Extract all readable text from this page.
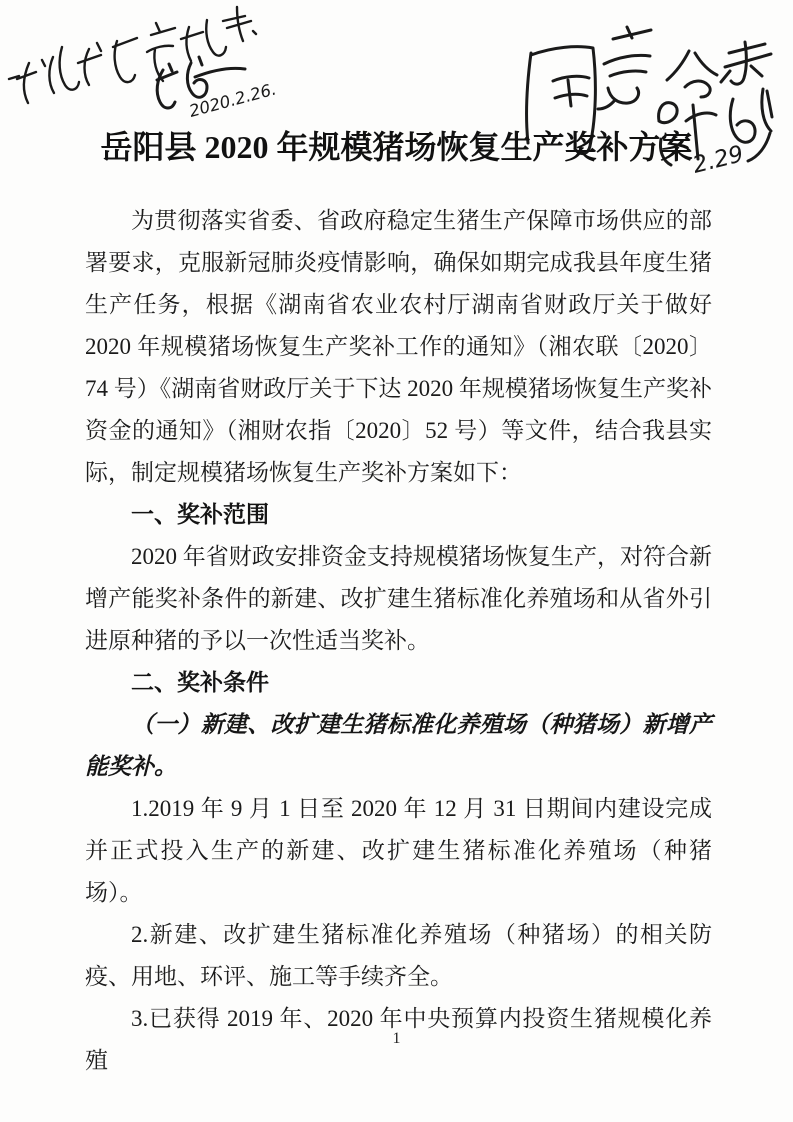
2020.2.26.
2.29
岳阳县 2020 年规模猪场恢复生产奖补方案

为贯彻落实省委、省政府稳定生猪生产保障市场供应的部署要求，克服新冠肺炎疫情影响，确保如期完成我县年度生猪生产任务，根据《湖南省农业农村厅湖南省财政厅关于做好 2020 年规模猪场恢复生产奖补工作的通知》（湘农联〔2020〕74 号）《湖南省财政厅关于下达 2020 年规模猪场恢复生产奖补资金的通知》（湘财农指〔2020〕52 号）等文件，结合我县实际，制定规模猪场恢复生产奖补方案如下：

一、奖补范围

2020 年省财政安排资金支持规模猪场恢复生产，对符合新增产能奖补条件的新建、改扩建生猪标准化养殖场和从省外引进原种猪的予以一次性适当奖补。

二、奖补条件

（一）新建、改扩建生猪标准化养殖场（种猪场）新增产能奖补。

1.2019 年 9 月 1 日至 2020 年 12 月 31 日期间内建设完成并正式投入生产的新建、改扩建生猪标准化养殖场（种猪场）。

2.新建、改扩建生猪标准化养殖场（种猪场）的相关防疫、用地、环评、施工等手续齐全。

3.已获得 2019 年、2020 年中央预算内投资生猪规模化养殖

1
